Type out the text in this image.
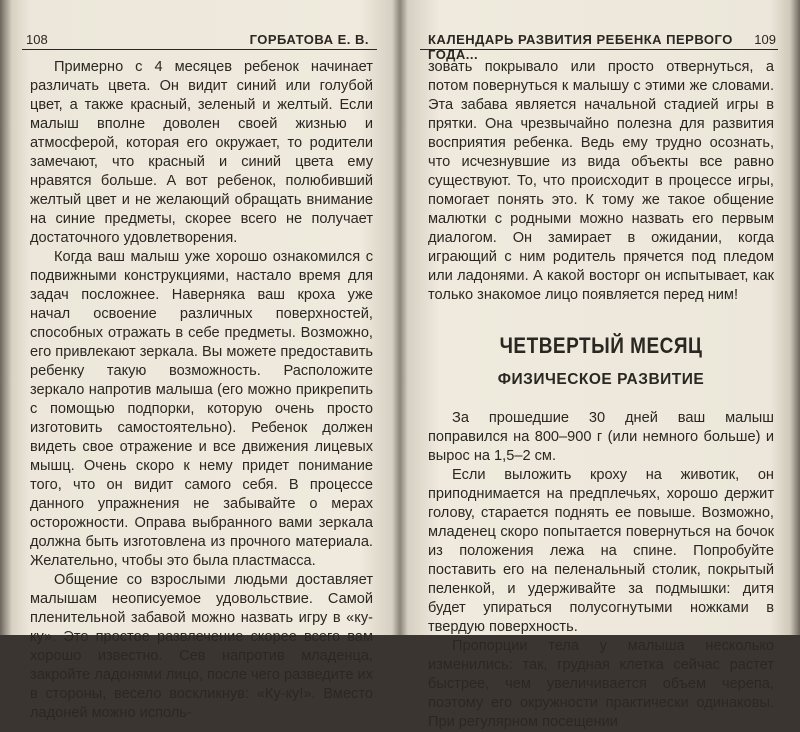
108	ГОРБАТОВА Е. В.

Примерно с 4 месяцев ребенок начинает различать цвета. Он видит синий или голубой цвет, а также красный, зеленый и желтый. Если малыш вполне доволен своей жизнью и атмосферой, которая его окружает, то родители замечают, что красный и синий цвета ему нравятся больше. А вот ребенок, полюбивший желтый цвет и не желающий обращать внимание на синие предметы, скорее всего не получает достаточного удовлетворения.

Когда ваш малыш уже хорошо ознакомился с подвижными конструкциями, настало время для задач посложнее. Наверняка ваш кроха уже начал освоение различных поверхностей, способных отражать в себе предметы. Возможно, его привлекают зеркала. Вы можете предоставить ребенку такую возможность. Расположите зеркало напротив малыша (его можно прикрепить с помощью подпорки, которую очень просто изготовить самостоятельно). Ребенок должен видеть свое отражение и все движения лицевых мышц. Очень скоро к нему придет понимание того, что он видит самого себя. В процессе данного упражнения не забывайте о мерах осторожности. Оправа выбранного вами зеркала должна быть изготовлена из прочного материала. Желательно, чтобы это была пластмасса.

Общение со взрослыми людьми доставляет малышам неописуемое удовольствие. Самой пленительной забавой можно назвать игру в «ку-ку». Это простое развлечение скорее всего вам хорошо известно. Сев напротив младенца, закройте ладонями лицо, после чего разведите их в стороны, весело воскликнув: «Ку-ку!». Вместо ладоней можно исполь-

КАЛЕНДАРЬ РАЗВИТИЯ РЕБЕНКА ПЕРВОГО ГОДА...
109

зовать покрывало или просто отвернуться, а потом повернуться к малышу с этими же словами. Эта забава является начальной стадией игры в прятки. Она чрезвычайно полезна для развития восприятия ребенка. Ведь ему трудно осознать, что исчезнувшие из вида объекты все равно существуют. То, что происходит в процессе игры, помогает понять это. К тому же такое общение малютки с родными можно назвать его первым диалогом. Он замирает в ожидании, когда играющий с ним родитель прячется под пледом или ладонями. А какой восторг он испытывает, как только знакомое лицо появляется перед ним!

ЧЕТВЕРТЫЙ МЕСЯЦ
ФИЗИЧЕСКОЕ РАЗВИТИЕ

За прошедшие 30 дней ваш малыш поправился на 800–900 г (или немного больше) и вырос на 1,5–2 см.

Если выложить кроху на животик, он приподнимается на предплечьях, хорошо держит голову, старается поднять ее повыше. Возможно, младенец скоро попытается повернуться на бочок из положения лежа на спине. Попробуйте поставить его на пеленальный столик, покрытый пеленкой, и удерживайте за подмышки: дитя будет упираться полусогнутыми ножками в твердую поверхность.

Пропорции тела у малыша несколько изменились: так, грудная клетка сейчас растет быстрее, чем увеличивается объем черепа, поэтому его окружности практически одинаковы. При регулярном посещении
